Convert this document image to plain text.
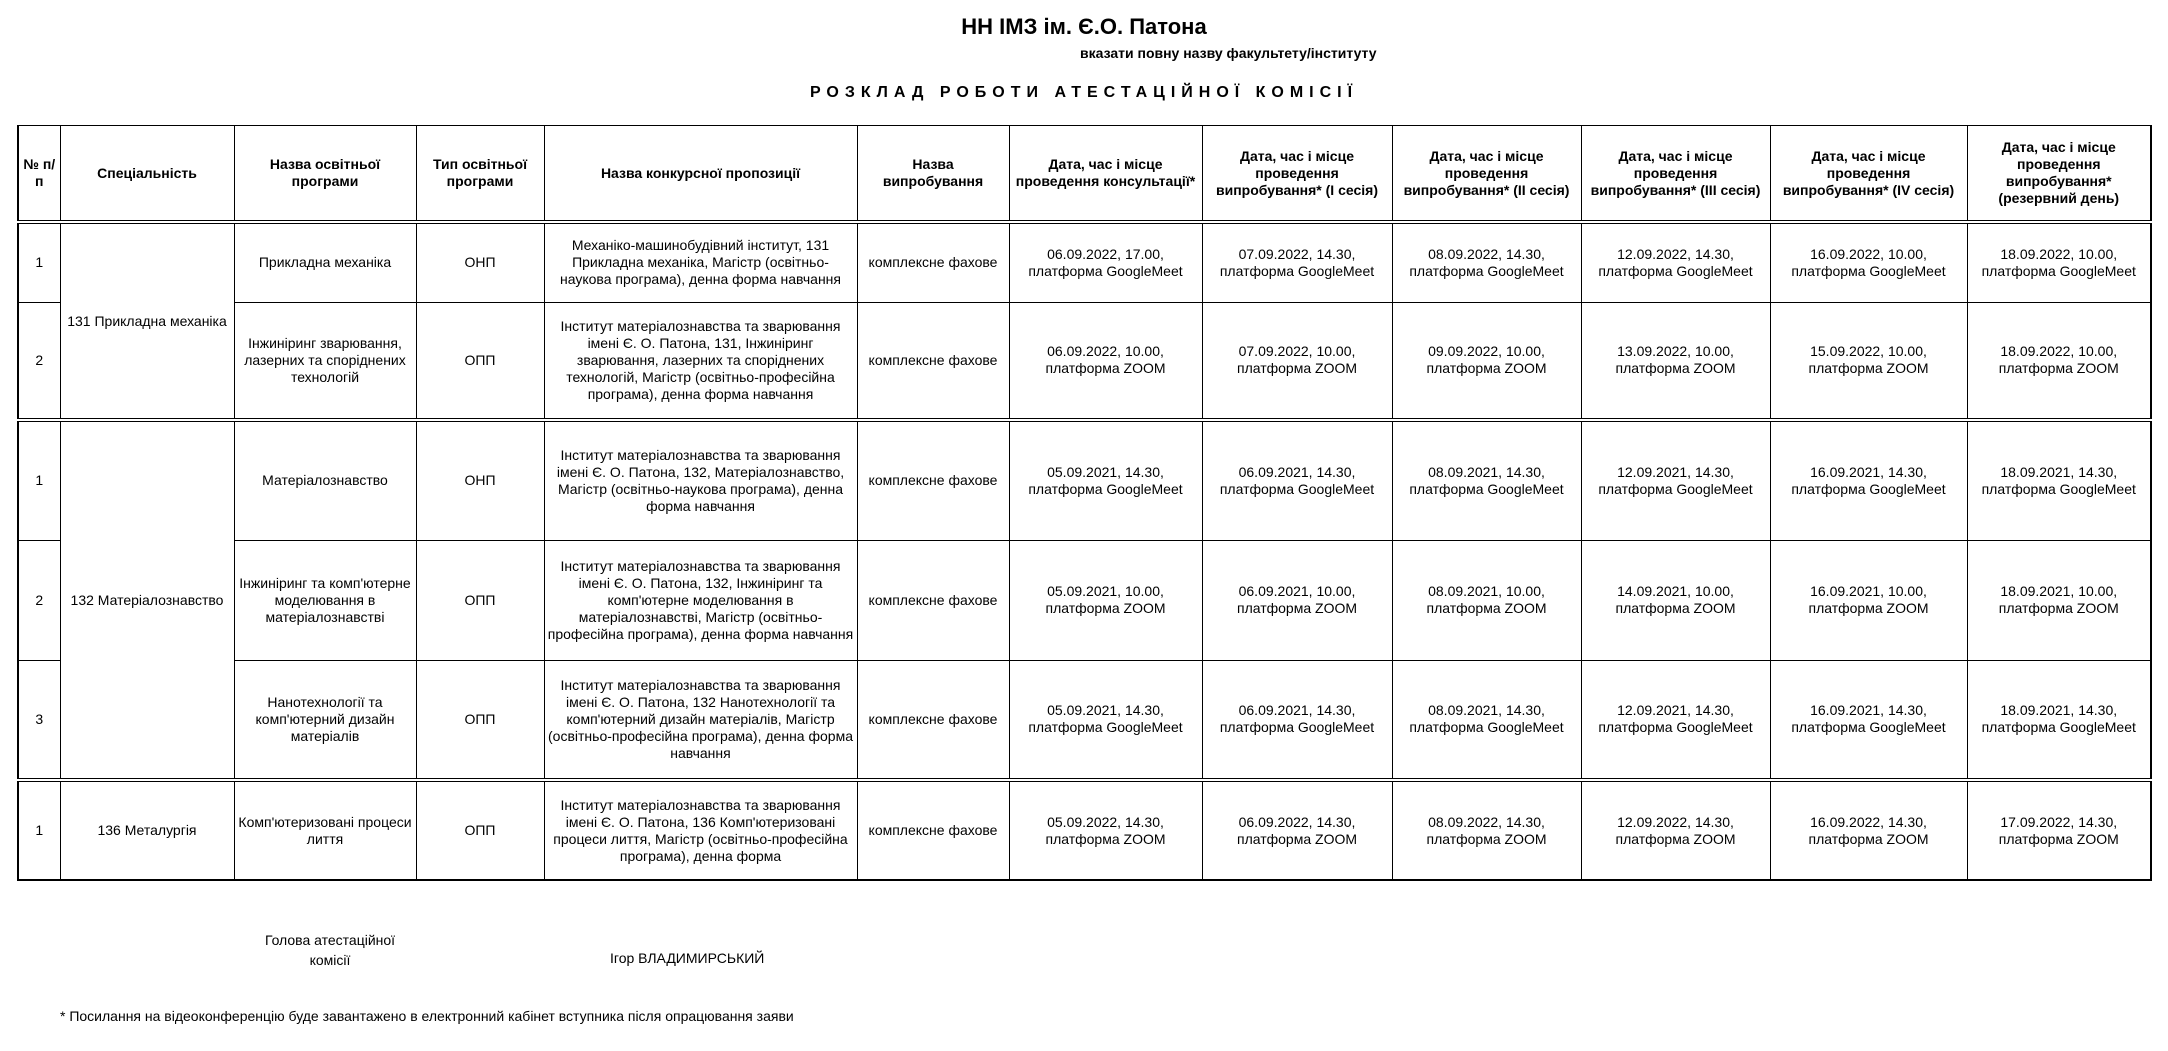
НН ІМЗ ім. Є.О. Патона
вказати повну назву факультету/інституту
РОЗКЛАД РОБОТИ АТЕСТАЦІЙНОЇ КОМІСІЇ
№ п/п	Спеціальність	Назва освітньої програми	Тип освітньої програми	Назва конкурсної пропозиції	Назва випробування	Дата, час і місце проведення консультації*	Дата, час і місце проведення випробування* (І сесія)	Дата, час і місце проведення випробування* (ІІ сесія)	Дата, час і місце проведення випробування* (ІІІ сесія)	Дата, час і місце проведення випробування* (ІV сесія)	Дата, час і місце проведення випробування* (резервний день)
1	131 Прикладна механіка	Прикладна механіка	ОНП	Механіко-машинобудівний інститут, 131 Прикладна механіка, Магістр (освітньо-наукова програма), денна форма навчання	комплексне фахове	06.09.2022, 17.00, платформа GoogleMeet	07.09.2022, 14.30, платформа GoogleMeet	08.09.2022, 14.30, платформа GoogleMeet	12.09.2022, 14.30, платформа GoogleMeet	16.09.2022, 10.00, платформа GoogleMeet	18.09.2022, 10.00, платформа GoogleMeet
2		Інжиніринг зварювання, лазерних та споріднених технологій	ОПП	Інститут матеріалознавства та зварювання імені Є. О. Патона, 131, Інжиніринг зварювання, лазерних та споріднених технологій, Магістр (освітньо-професійна програма), денна форма навчання	комплексне фахове	06.09.2022, 10.00, платформа ZOOM	07.09.2022, 10.00, платформа ZOOM	09.09.2022, 10.00, платформа ZOOM	13.09.2022, 10.00, платформа ZOOM	15.09.2022, 10.00, платформа ZOOM	18.09.2022, 10.00, платформа ZOOM
1	132 Матеріалознавство	Матеріалознавство	ОНП	Інститут матеріалознавства та зварювання імені Є. О. Патона, 132, Матеріалознавство, Магістр (освітньо-наукова програма), денна форма навчання	комплексне фахове	05.09.2021, 14.30, платформа GoogleMeet	06.09.2021, 14.30, платформа GoogleMeet	08.09.2021, 14.30, платформа GoogleMeet	12.09.2021, 14.30, платформа GoogleMeet	16.09.2021, 14.30, платформа GoogleMeet	18.09.2021, 14.30, платформа GoogleMeet
2		Інжиніринг та комп'ютерне моделювання в матеріалознавстві	ОПП	Інститут матеріалознавства та зварювання імені Є. О. Патона, 132, Інжиніринг та комп'ютерне моделювання в матеріалознавстві, Магістр (освітньо-професійна програма), денна форма навчання	комплексне фахове	05.09.2021, 10.00, платформа ZOOM	06.09.2021, 10.00, платформа ZOOM	08.09.2021, 10.00, платформа ZOOM	14.09.2021, 10.00, платформа ZOOM	16.09.2021, 10.00, платформа ZOOM	18.09.2021, 10.00, платформа ZOOM
3		Нанотехнології та комп'ютерний дизайн матеріалів	ОПП	Інститут матеріалознавства та зварювання імені Є. О. Патона, 132 Нанотехнології та комп'ютерний дизайн матеріалів, Магістр (освітньо-професійна програма), денна форма навчання	комплексне фахове	05.09.2021, 14.30, платформа GoogleMeet	06.09.2021, 14.30, платформа GoogleMeet	08.09.2021, 14.30, платформа GoogleMeet	12.09.2021, 14.30, платформа GoogleMeet	16.09.2021, 14.30, платформа GoogleMeet	18.09.2021, 14.30, платформа GoogleMeet
1	136 Металургія	Комп'ютеризовані процеси лиття	ОПП	Інститут матеріалознавства та зварювання імені Є. О. Патона, 136 Комп'ютеризовані процеси лиття, Магістр (освітньо-професійна програма), денна форма	комплексне фахове	05.09.2022, 14.30, платформа ZOOM	06.09.2022, 14.30, платформа ZOOM	08.09.2022, 14.30, платформа ZOOM	12.09.2022, 14.30, платформа ZOOM	16.09.2022, 14.30, платформа ZOOM	17.09.2022, 14.30, платформа ZOOM
Голова атестаційної комісії	Ігор ВЛАДИМИРСЬКИЙ
* Посилання на відеоконференцію буде завантажено в електронний кабінет вступника після опрацювання заяви
